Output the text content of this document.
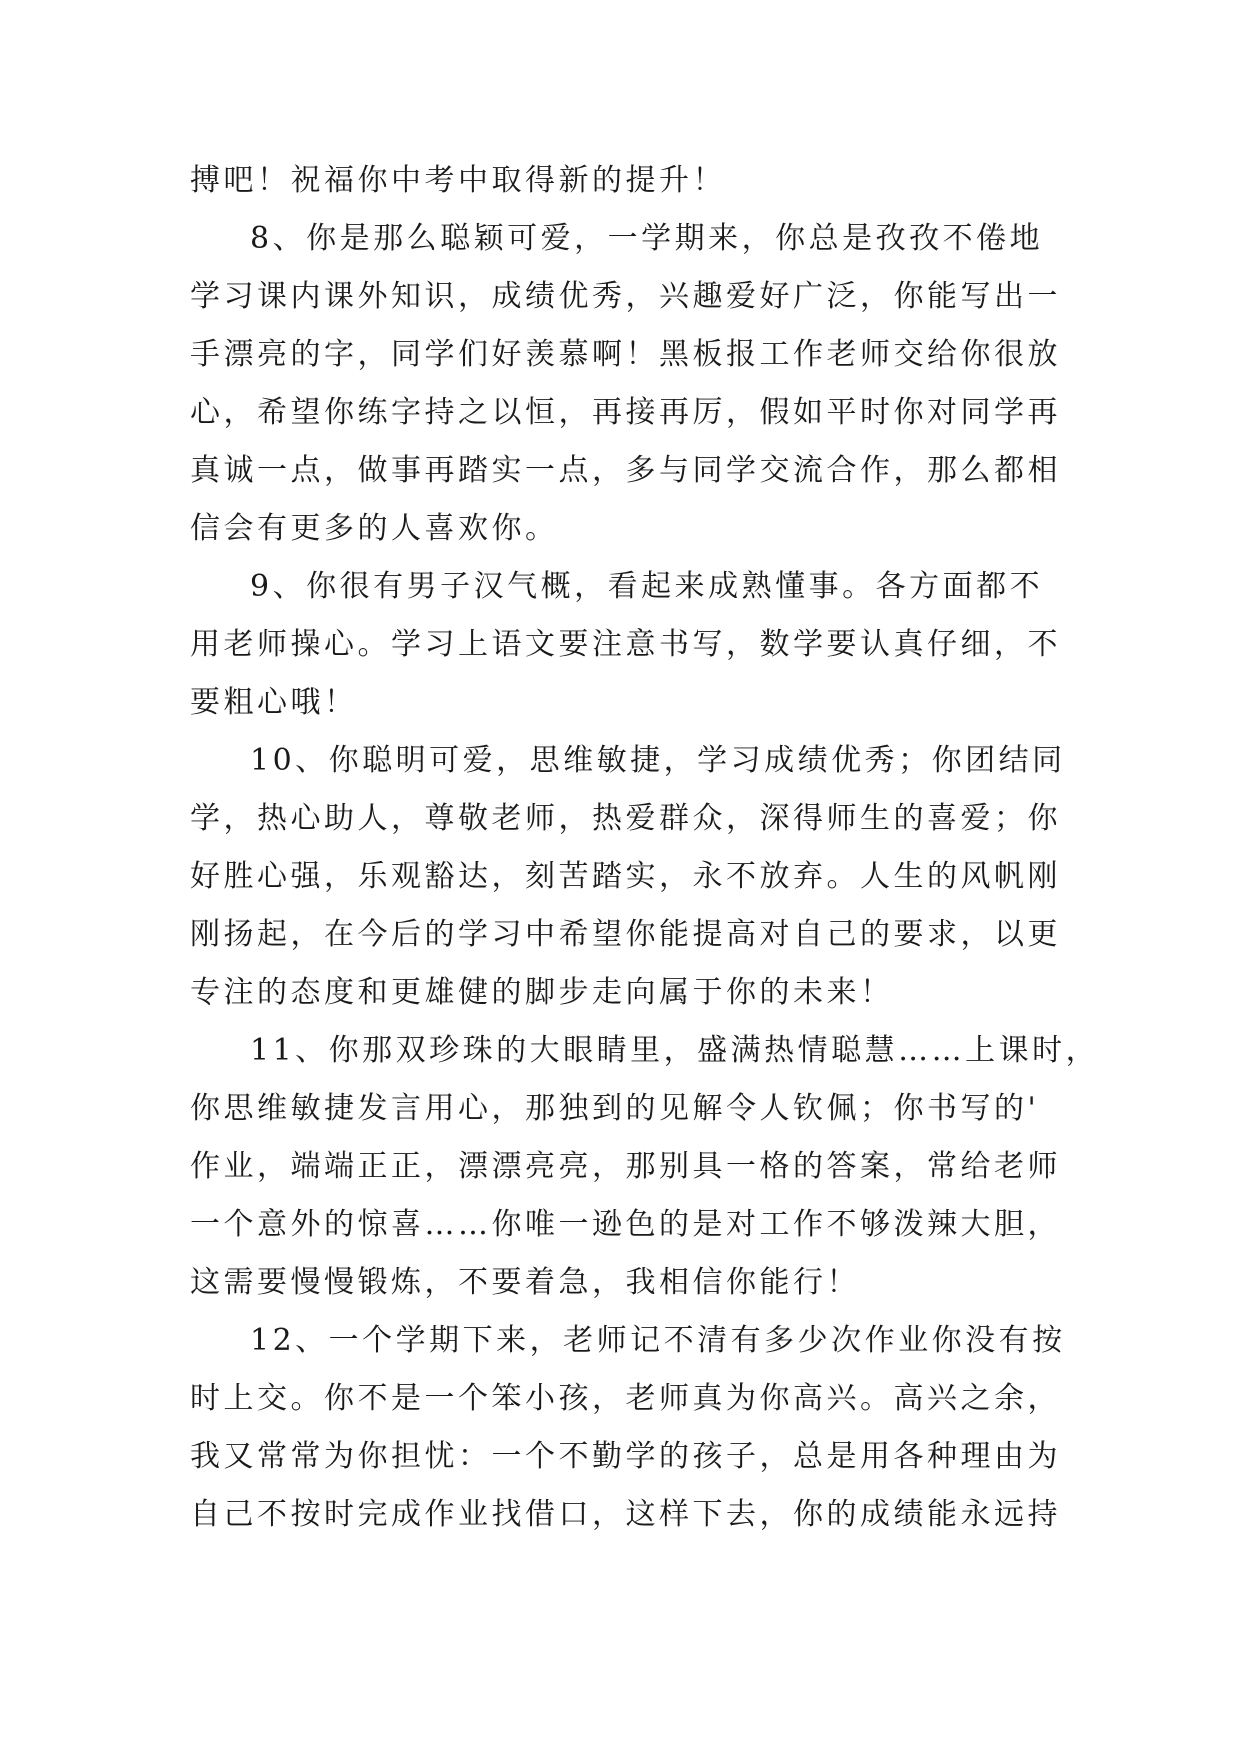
搏吧！祝福你中考中取得新的提升！
8、你是那么聪颖可爱，一学期来，你总是孜孜不倦地
学习课内课外知识，成绩优秀，兴趣爱好广泛，你能写出一
手漂亮的字，同学们好羡慕啊！黑板报工作老师交给你很放
心，希望你练字持之以恒，再接再厉，假如平时你对同学再
真诚一点，做事再踏实一点，多与同学交流合作，那么都相
信会有更多的人喜欢你。
9、你很有男子汉气概，看起来成熟懂事。各方面都不
用老师操心。学习上语文要注意书写，数学要认真仔细，不
要粗心哦！
10、你聪明可爱，思维敏捷，学习成绩优秀；你团结同
学，热心助人，尊敬老师，热爱群众，深得师生的喜爱；你
好胜心强，乐观豁达，刻苦踏实，永不放弃。人生的风帆刚
刚扬起，在今后的学习中希望你能提高对自己的要求，以更
专注的态度和更雄健的脚步走向属于你的未来！
11、你那双珍珠的大眼睛里，盛满热情聪慧……上课时，
你思维敏捷发言用心，那独到的见解令人钦佩；你书写的'
作业，端端正正，漂漂亮亮，那别具一格的答案，常给老师
一个意外的惊喜……你唯一逊色的是对工作不够泼辣大胆，
这需要慢慢锻炼，不要着急，我相信你能行！
12、一个学期下来，老师记不清有多少次作业你没有按
时上交。你不是一个笨小孩，老师真为你高兴。高兴之余，
我又常常为你担忧：一个不勤学的孩子，总是用各种理由为
自己不按时完成作业找借口，这样下去，你的成绩能永远持
